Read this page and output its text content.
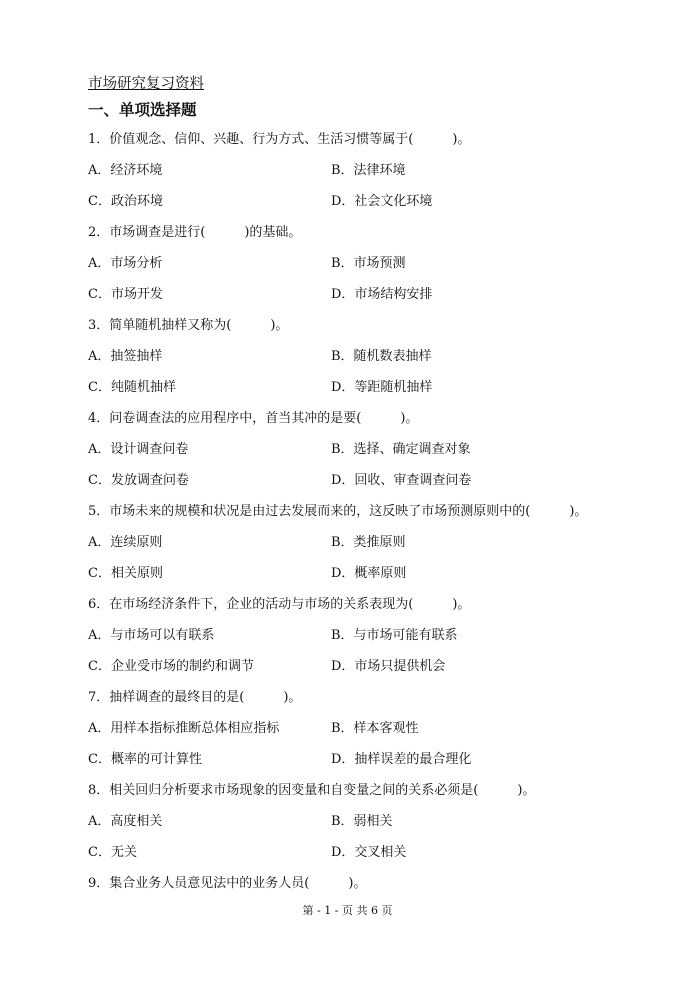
市场研究复习资料
一、单项选择题
1．价值观念、信仰、兴趣、行为方式、生活习惯等属于(　　　)。
A．经济环境	B．法律环境
C．政治环境	D．社会文化环境
2．市场调查是进行(　　　)的基础。
A．市场分析	B．市场预测
C．市场开发	D．市场结构安排
3．简单随机抽样又称为(　　　)。
A．抽签抽样	B．随机数表抽样
C．纯随机抽样	D．等距随机抽样
4．问卷调查法的应用程序中，首当其冲的是要(　　　)。
A．设计调查问卷	B．选择、确定调查对象
C．发放调查问卷	D．回收、审查调查问卷
5．市场未来的规模和状况是由过去发展而来的，这反映了市场预测原则中的(　　　)。
A．连续原则	B．类推原则
C．相关原则	D．概率原则
6．在市场经济条件下，企业的活动与市场的关系表现为(　　　)。
A．与市场可以有联系	B．与市场可能有联系
C．企业受市场的制约和调节	D．市场只提供机会
7．抽样调查的最终目的是(　　　)。
A．用样本指标推断总体相应指标	B．样本客观性
C．概率的可计算性	D．抽样误差的最合理化
8．相关回归分析要求市场现象的因变量和自变量之间的关系必须是(　　　)。
A．高度相关	B．弱相关
C．无关	D．交叉相关
9．集合业务人员意见法中的业务人员(　　　)。
第 - 1 - 页 共 6 页
